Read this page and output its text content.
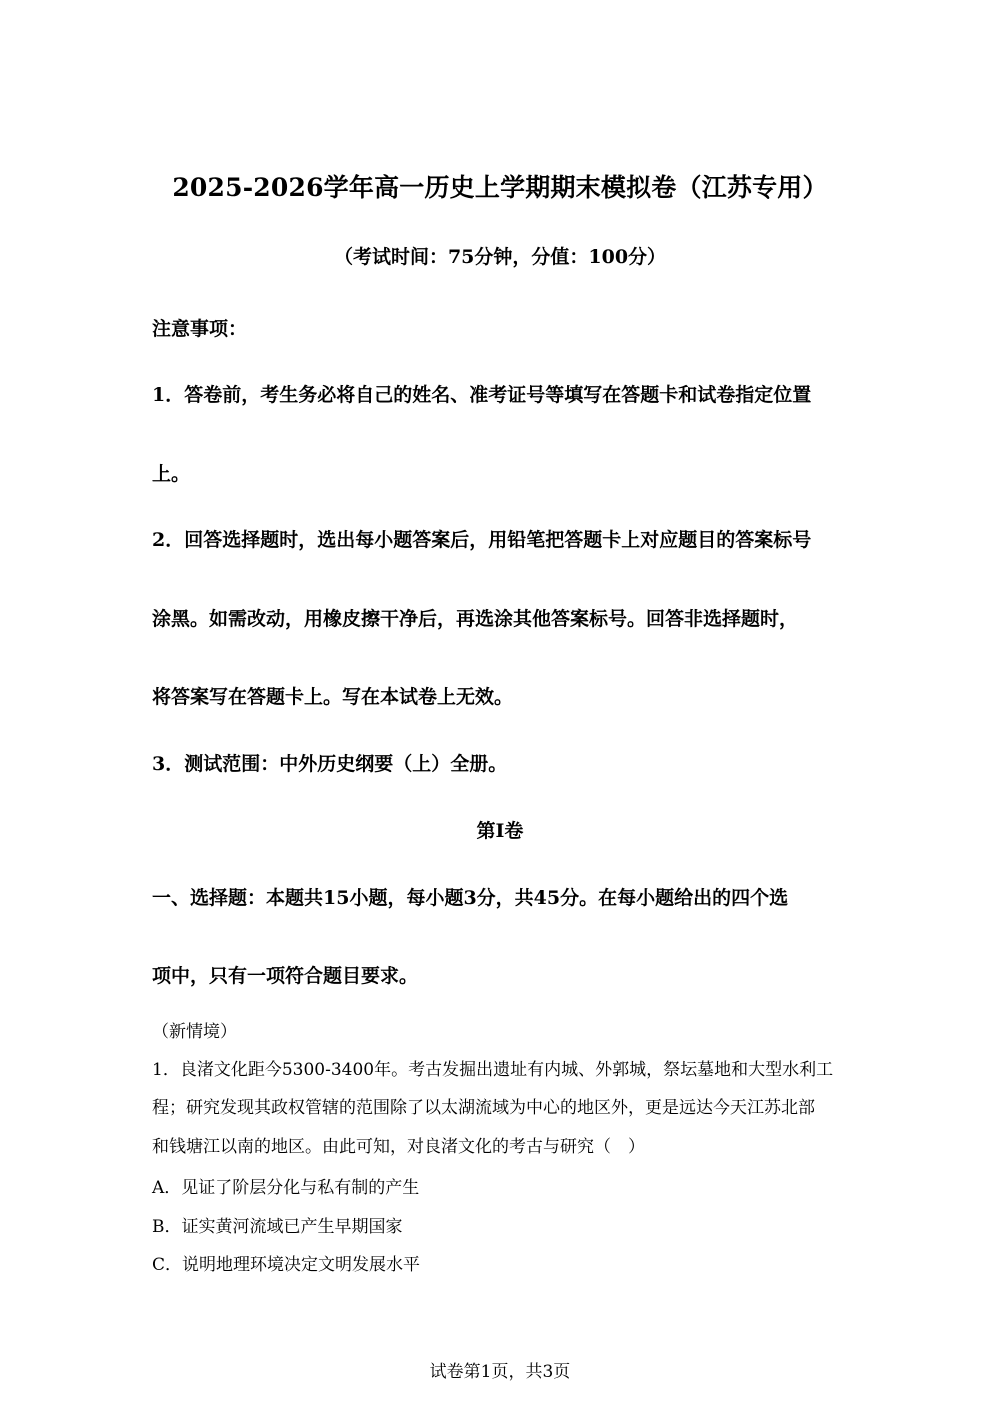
2025-2026学年高一历史上学期期末模拟卷（江苏专用）
（考试时间：75分钟，分值：100分）
注意事项：
1．答卷前，考生务必将自己的姓名、准考证号等填写在答题卡和试卷指定位置
上。
2．回答选择题时，选出每小题答案后，用铅笔把答题卡上对应题目的答案标号
涂黑。如需改动，用橡皮擦干净后，再选涂其他答案标号。回答非选择题时，
将答案写在答题卡上。写在本试卷上无效。
3．测试范围：中外历史纲要（上）全册。
第Ⅰ卷
一、选择题：本题共15小题，每小题3分，共45分。在每小题给出的四个选
项中，只有一项符合题目要求。
（新情境）
1．良渚文化距今5300-3400年。考古发掘出遗址有内城、外郭城，祭坛墓地和大型水利工
程；研究发现其政权管辖的范围除了以太湖流域为中心的地区外，更是远达今天江苏北部
和钱塘江以南的地区。由此可知，对良渚文化的考古与研究（　）
A．见证了阶层分化与私有制的产生
B．证实黄河流域已产生早期国家
C．说明地理环境决定文明发展水平
试卷第1页，共3页
